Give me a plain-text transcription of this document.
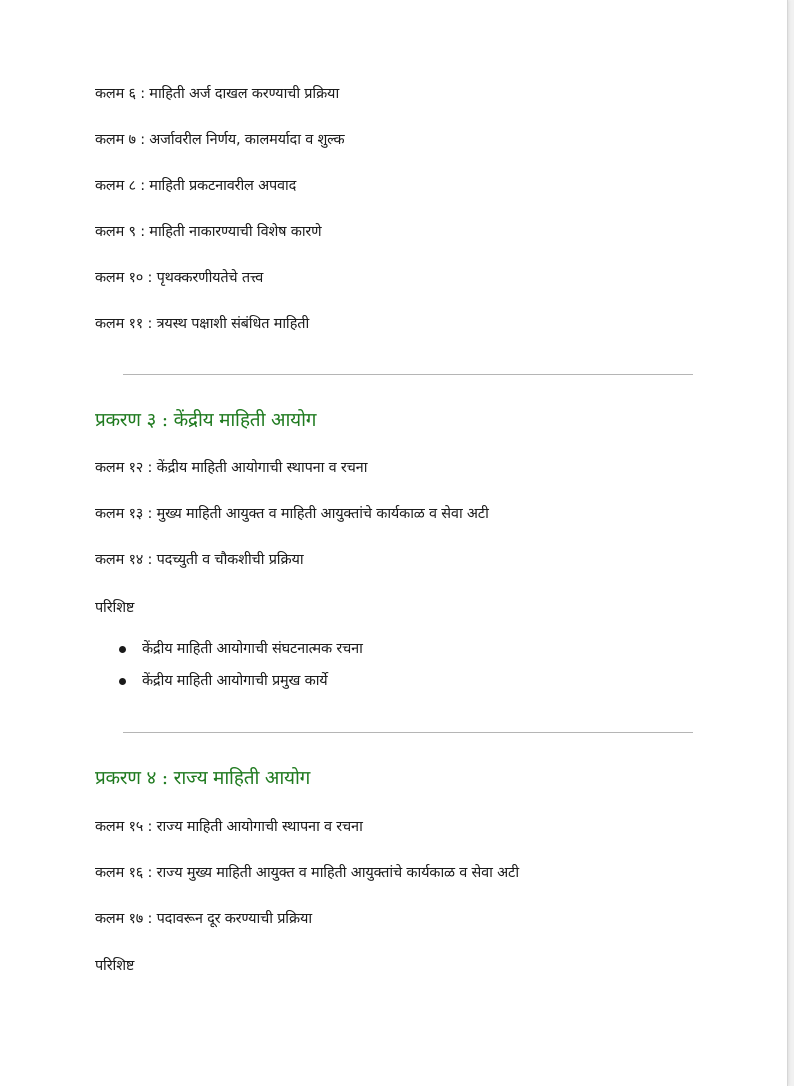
कलम ६ : माहिती अर्ज दाखल करण्याची प्रक्रिया
कलम ७ : अर्जावरील निर्णय, कालमर्यादा व शुल्क
कलम ८ : माहिती प्रकटनावरील अपवाद
कलम ९ : माहिती नाकारण्याची विशेष कारणे
कलम १० : पृथक्करणीयतेचे तत्त्व
कलम ११ : त्रयस्थ पक्षाशी संबंधित माहिती
प्रकरण ३ : केंद्रीय माहिती आयोग
कलम १२ : केंद्रीय माहिती आयोगाची स्थापना व रचना
कलम १३ : मुख्य माहिती आयुक्त व माहिती आयुक्तांचे कार्यकाळ व सेवा अटी
कलम १४ : पदच्युती व चौकशीची प्रक्रिया
परिशिष्ट
केंद्रीय माहिती आयोगाची संघटनात्मक रचना
केंद्रीय माहिती आयोगाची प्रमुख कार्ये
प्रकरण ४ : राज्य माहिती आयोग
कलम १५ : राज्य माहिती आयोगाची स्थापना व रचना
कलम १६ : राज्य मुख्य माहिती आयुक्त व माहिती आयुक्तांचे कार्यकाळ व सेवा अटी
कलम १७ : पदावरून दूर करण्याची प्रक्रिया
परिशिष्ट
